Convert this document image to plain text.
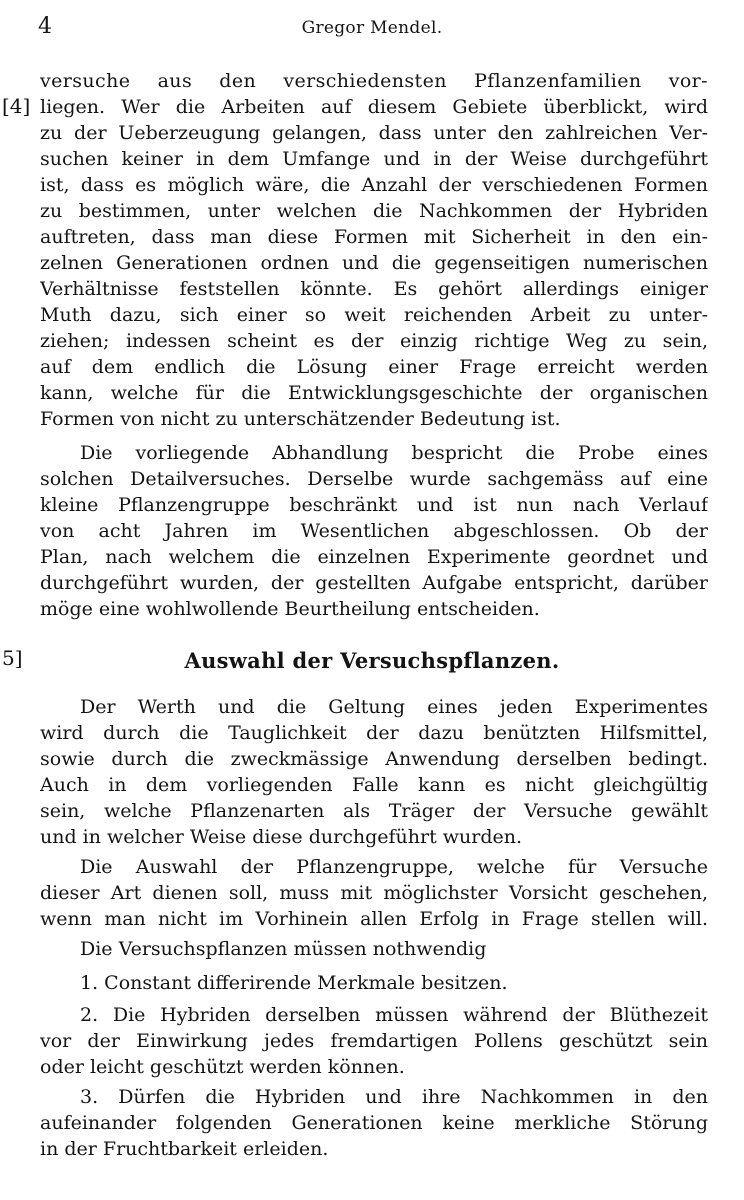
4	Gregor Mendel.
[4]
5]
versuche aus den verschiedensten Pflanzenfamilien vor-
liegen. Wer die Arbeiten auf diesem Gebiete überblickt, wird
zu der Ueberzeugung gelangen, dass unter den zahlreichen Ver-
suchen keiner in dem Umfange und in der Weise durchgeführt
ist, dass es möglich wäre, die Anzahl der verschiedenen Formen
zu bestimmen, unter welchen die Nachkommen der Hybriden
auftreten, dass man diese Formen mit Sicherheit in den ein-
zelnen Generationen ordnen und die gegenseitigen numerischen
Verhältnisse feststellen könnte. Es gehört allerdings einiger
Muth dazu, sich einer so weit reichenden Arbeit zu unter-
ziehen; indessen scheint es der einzig richtige Weg zu sein,
auf dem endlich die Lösung einer Frage erreicht werden
kann, welche für die Entwicklungsgeschichte der organischen
Formen von nicht zu unterschätzender Bedeutung ist.
Die vorliegende Abhandlung bespricht die Probe eines
solchen Detailversuches. Derselbe wurde sachgemäss auf eine
kleine Pflanzengruppe beschränkt und ist nun nach Verlauf
von acht Jahren im Wesentlichen abgeschlossen. Ob der
Plan, nach welchem die einzelnen Experimente geordnet und
durchgeführt wurden, der gestellten Aufgabe entspricht, darüber
möge eine wohlwollende Beurtheilung entscheiden.
Auswahl der Versuchspflanzen.
Der Werth und die Geltung eines jeden Experimentes
wird durch die Tauglichkeit der dazu benützten Hilfsmittel,
sowie durch die zweckmässige Anwendung derselben bedingt.
Auch in dem vorliegenden Falle kann es nicht gleichgültig
sein, welche Pflanzenarten als Träger der Versuche gewählt
und in welcher Weise diese durchgeführt wurden.
Die Auswahl der Pflanzengruppe, welche für Versuche
dieser Art dienen soll, muss mit möglichster Vorsicht geschehen,
wenn man nicht im Vorhinein allen Erfolg in Frage stellen will.
Die Versuchspflanzen müssen nothwendig
1. Constant differirende Merkmale besitzen.
2. Die Hybriden derselben müssen während der Blüthezeit
vor der Einwirkung jedes fremdartigen Pollens geschützt sein
oder leicht geschützt werden können.
3. Dürfen die Hybriden und ihre Nachkommen in den
aufeinander folgenden Generationen keine merkliche Störung
in der Fruchtbarkeit erleiden.
